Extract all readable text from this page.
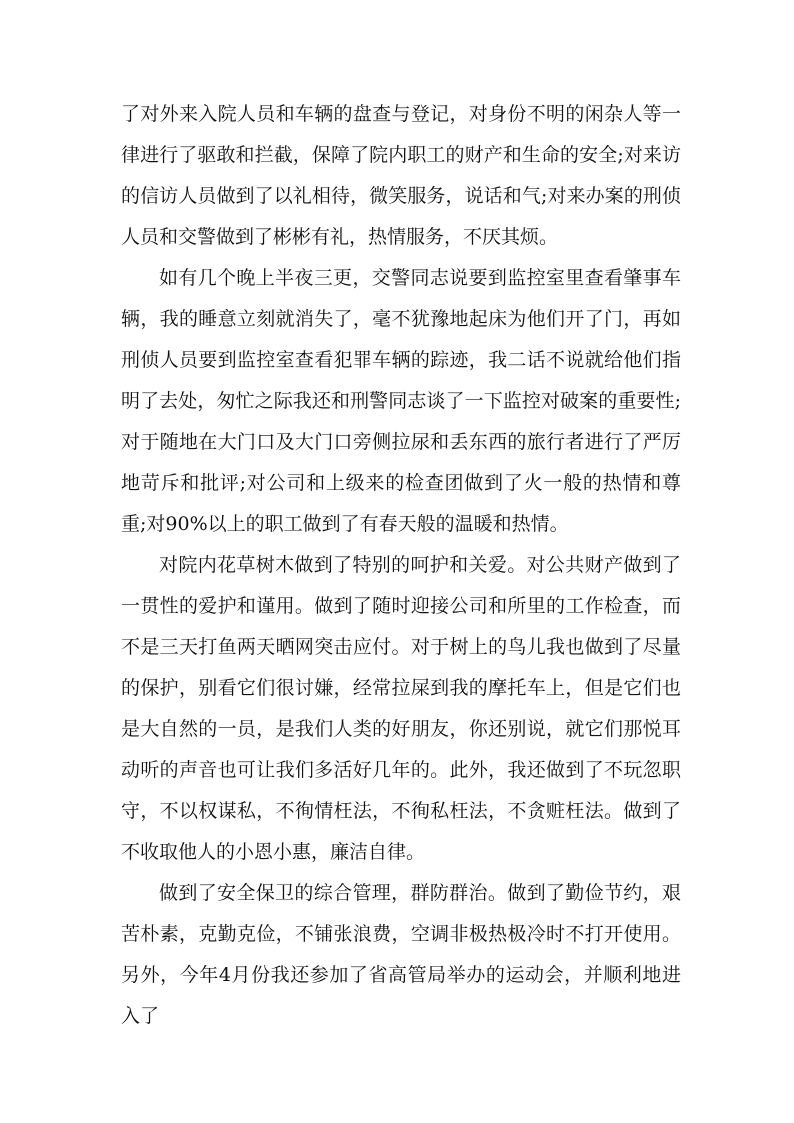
了对外来入院人员和车辆的盘查与登记，对身份不明的闲杂人等一律进行了驱敢和拦截，保障了院内职工的财产和生命的安全;对来访的信访人员做到了以礼相待，微笑服务，说话和气;对来办案的刑侦人员和交警做到了彬彬有礼，热情服务，不厌其烦。

如有几个晚上半夜三更，交警同志说要到监控室里查看肇事车辆，我的睡意立刻就消失了，毫不犹豫地起床为他们开了门，再如刑侦人员要到监控室查看犯罪车辆的踪迹，我二话不说就给他们指明了去处，匆忙之际我还和刑警同志谈了一下监控对破案的重要性;对于随地在大门口及大门口旁侧拉尿和丢东西的旅行者进行了严厉地苛斥和批评;对公司和上级来的检查团做到了火一般的热情和尊重;对90%以上的职工做到了有春天般的温暖和热情。

对院内花草树木做到了特别的呵护和关爱。对公共财产做到了一贯性的爱护和谨用。做到了随时迎接公司和所里的工作检查，而不是三天打鱼两天晒网突击应付。对于树上的鸟儿我也做到了尽量的保护，别看它们很讨嫌，经常拉屎到我的摩托车上，但是它们也是大自然的一员，是我们人类的好朋友，你还别说，就它们那悦耳动听的声音也可让我们多活好几年的。此外，我还做到了不玩忽职守，不以权谋私，不徇情枉法，不徇私枉法，不贪赃枉法。做到了不收取他人的小恩小惠，廉洁自律。

做到了安全保卫的综合管理，群防群治。做到了勤俭节约，艰苦朴素，克勤克俭，不铺张浪费，空调非极热极冷时不打开使用。另外，今年4月份我还参加了省高管局举办的运动会，并顺利地进入了
